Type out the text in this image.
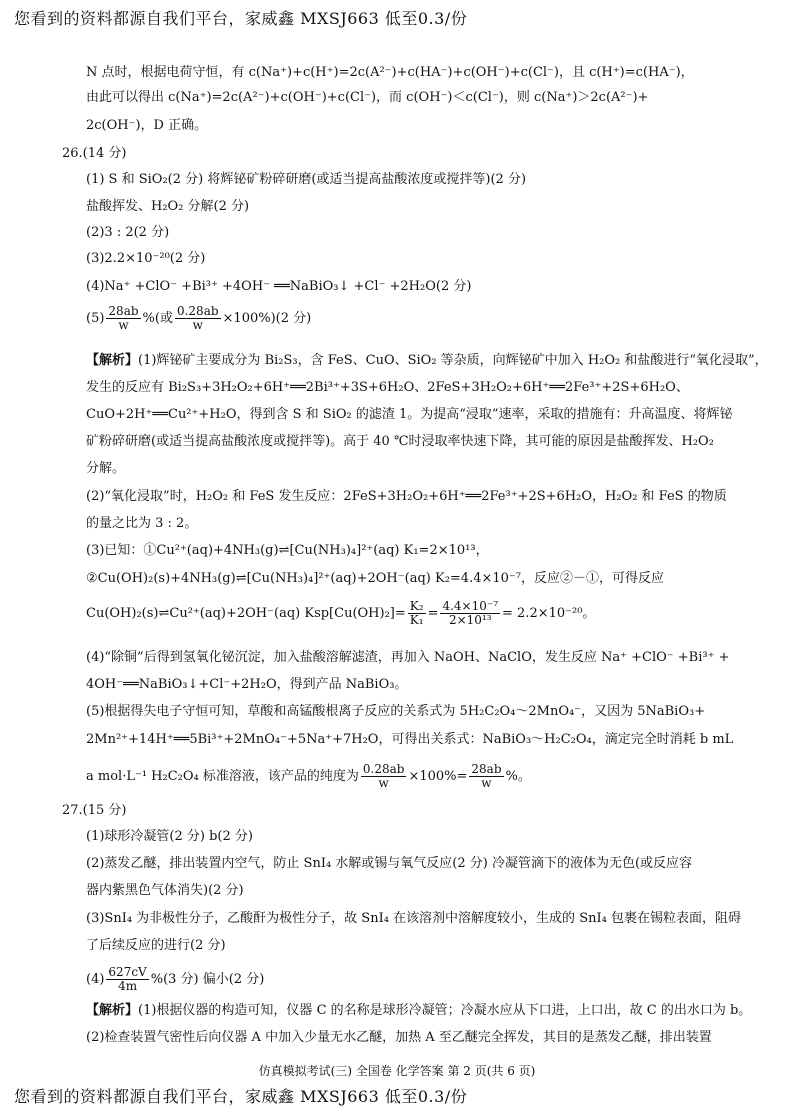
您看到的资料都源自我们平台，家威鑫 MXSJ663 低至0.3/份
N 点时，根据电荷守恒，有 c(Na⁺)+c(H⁺)=2c(A²⁻)+c(HA⁻)+c(OH⁻)+c(Cl⁻)，且 c(H⁺)=c(HA⁻)，
由此可以得出 c(Na⁺)=2c(A²⁻)+c(OH⁻)+c(Cl⁻)，而 c(OH⁻)＜c(Cl⁻)，则 c(Na⁺)＞2c(A²⁻)+
2c(OH⁻)，D 正确。
26.(14 分)
(1) S 和 SiO₂(2 分) 将辉铋矿粉碎研磨(或适当提高盐酸浓度或搅拌等)(2 分)
盐酸挥发、H₂O₂ 分解(2 分)
(2)3 : 2(2 分)
(3)2.2×10⁻²⁰(2 分)
(4)Na⁺ +ClO⁻ +Bi³⁺ +4OH⁻ ══NaBiO₃↓ +Cl⁻ +2H₂O(2 分)
$(5) \frac{28ab}{w}$ %(或 $\frac{0.28ab}{w} \times 100\%)(2$ 分)
【解析】(1)辉铋矿主要成分为 Bi₂S₃，含 FeS、CuO、SiO₂ 等杂质，向辉铋矿中加入 H₂O₂ 和盐酸进行“氧化浸取”，
发生的反应有 Bi₂S₃+3H₂O₂+6H⁺══2Bi³⁺+3S+6H₂O、2FeS+3H₂O₂+6H⁺══2Fe³⁺+2S+6H₂O、
CuO+2H⁺══Cu²⁺+H₂O，得到含 S 和 SiO₂ 的滤渣 1。为提高“浸取”速率，采取的措施有：升高温度、将辉铋
矿粉碎研磨(或适当提高盐酸浓度或搅拌等)。高于 40 ℃时浸取率快速下降，其可能的原因是盐酸挥发、H₂O₂
分解。
(2)“氧化浸取”时，H₂O₂ 和 FeS 发生反应：2FeS+3H₂O₂+6H⁺══2Fe³⁺+2S+6H₂O，H₂O₂ 和 FeS 的物质
的量之比为 3 : 2。
(3)已知：①Cu²⁺(aq)+4NH₃(g)⇌[Cu(NH₃)₄]²⁺(aq) K₁=2×10¹³，
②Cu(OH)₂(s)+4NH₃(g)⇌[Cu(NH₃)₄]²⁺(aq)+2OH⁻(aq) K₂=4.4×10⁻⁷，反应②－①，可得反应
Cu(OH)₂(s)⇌Cu²⁺(aq)+2OH⁻(aq) $Ksp[Cu(OH)_2]= \frac{\text{K₂}}{\text{K₁}} = \frac{\text{4.4×10⁻⁷}}{\text{2×10¹³}} = 2.2\times 10^{-20}$。
(4)“除铜”后得到氢氧化铋沉淀，加入盐酸溶解滤渣，再加入 NaOH、NaClO，发生反应 Na⁺ +ClO⁻ +Bi³⁺ +
4OH⁻══NaBiO₃↓+Cl⁻+2H₂O，得到产品 NaBiO₃。
(5)根据得失电子守恒可知，草酸和高锰酸根离子反应的关系式为 5H₂C₂O₄～2MnO₄⁻，又因为 5NaBiO₃+
2Mn²⁺+14H⁺══5Bi³⁺+2MnO₄⁻+5Na⁺+7H₂O，可得出关系式：NaBiO₃～H₂C₂O₄，滴定完全时消耗 b mL
a mol·L⁻¹ H₂C₂O₄ 标准溶液，该产品的纯度为 $\frac{0.28ab}{w} \times 100\%= \frac{28ab}{w}$ %。
27.(15 分)
(1)球形冷凝管(2 分) b(2 分)
(2)蒸发乙醚，排出装置内空气，防止 SnI₄ 水解或锡与氧气反应(2 分) 冷凝管滴下的液体为无色(或反应容
器内紫黑色气体消失)(2 分)
(3)SnI₄ 为非极性分子，乙酸酐为极性分子，故 SnI₄ 在该溶剂中溶解度较小，生成的 SnI₄ 包裹在锡粒表面，阻碍
了后续反应的进行(2 分)
$(4) \frac{627cV}{4m} \%(3$ 分) 偏小(2 分)
【解析】(1)根据仪器的构造可知，仪器 C 的名称是球形冷凝管；冷凝水应从下口进，上口出，故 C 的出水口为 b。
(2)检查装置气密性后向仪器 A 中加入少量无水乙醚，加热 A 至乙醚完全挥发，其目的是蒸发乙醚，排出装置
仿真模拟考试(三) 全国卷 化学答案 第 2 页(共 6 页)
您看到的资料都源自我们平台，家威鑫 MXSJ663 低至0.3/份
